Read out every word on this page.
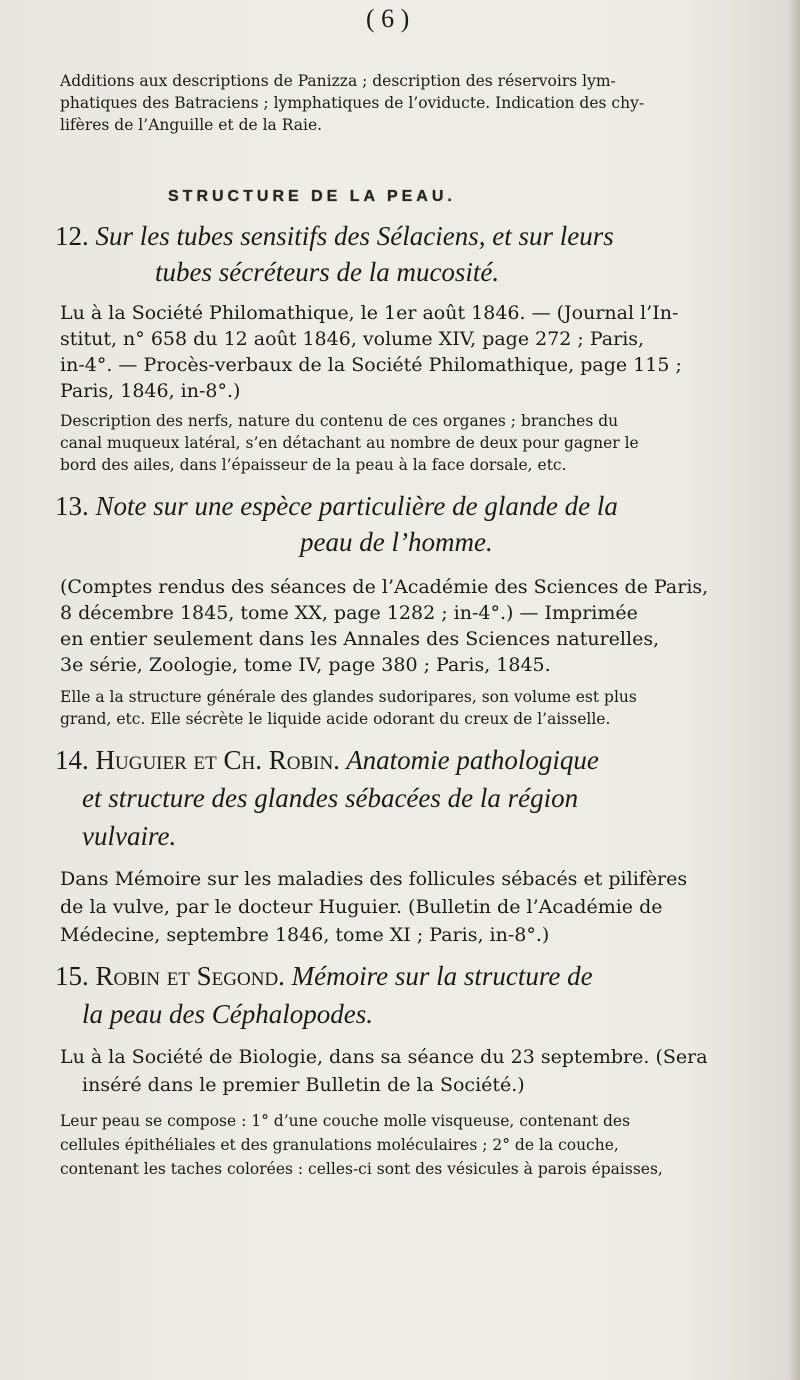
( 6 )
Additions aux descriptions de Panizza ; description des réservoirs lym-
phatiques des Batraciens ; lymphatiques de l’oviducte. Indication des chy-
lifères de l’Anguille et de la Raie.
STRUCTURE DE LA PEAU.
12. Sur les tubes sensitifs des Sélaciens, et sur leurs
tubes sécréteurs de la mucosité.
Lu à la Société Philomathique, le 1er août 1846. — (Journal l’In-
stitut, n° 658 du 12 août 1846, volume XIV, page 272 ; Paris,
in-4°. — Procès-verbaux de la Société Philomathique, page 115 ;
Paris, 1846, in-8°.)
Description des nerfs, nature du contenu de ces organes ; branches du
canal muqueux latéral, s’en détachant au nombre de deux pour gagner le
bord des ailes, dans l’épaisseur de la peau à la face dorsale, etc.
13. Note sur une espèce particulière de glande de la
peau de l’homme.
(Comptes rendus des séances de l’Académie des Sciences de Paris,
8 décembre 1845, tome XX, page 1282 ; in-4°.) — Imprimée
en entier seulement dans les Annales des Sciences naturelles,
3e série, Zoologie, tome IV, page 380 ; Paris, 1845.
Elle a la structure générale des glandes sudoripares, son volume est plus
grand, etc. Elle sécrète le liquide acide odorant du creux de l’aisselle.
14. Huguier et Ch. Robin. Anatomie pathologique
et structure des glandes sébacées de la région
vulvaire.
Dans Mémoire sur les maladies des follicules sébacés et pilifères
de la vulve, par le docteur Huguier. (Bulletin de l’Académie de
Médecine, septembre 1846, tome XI ; Paris, in-8°.)
15. Robin et Segond. Mémoire sur la structure de
la peau des Céphalopodes.
Lu à la Société de Biologie, dans sa séance du 23 septembre. (Sera
inséré dans le premier Bulletin de la Société.)
Leur peau se compose : 1° d’une couche molle visqueuse, contenant des
cellules épithéliales et des granulations moléculaires ; 2° de la couche,
contenant les taches colorées : celles-ci sont des vésicules à parois épaisses,
